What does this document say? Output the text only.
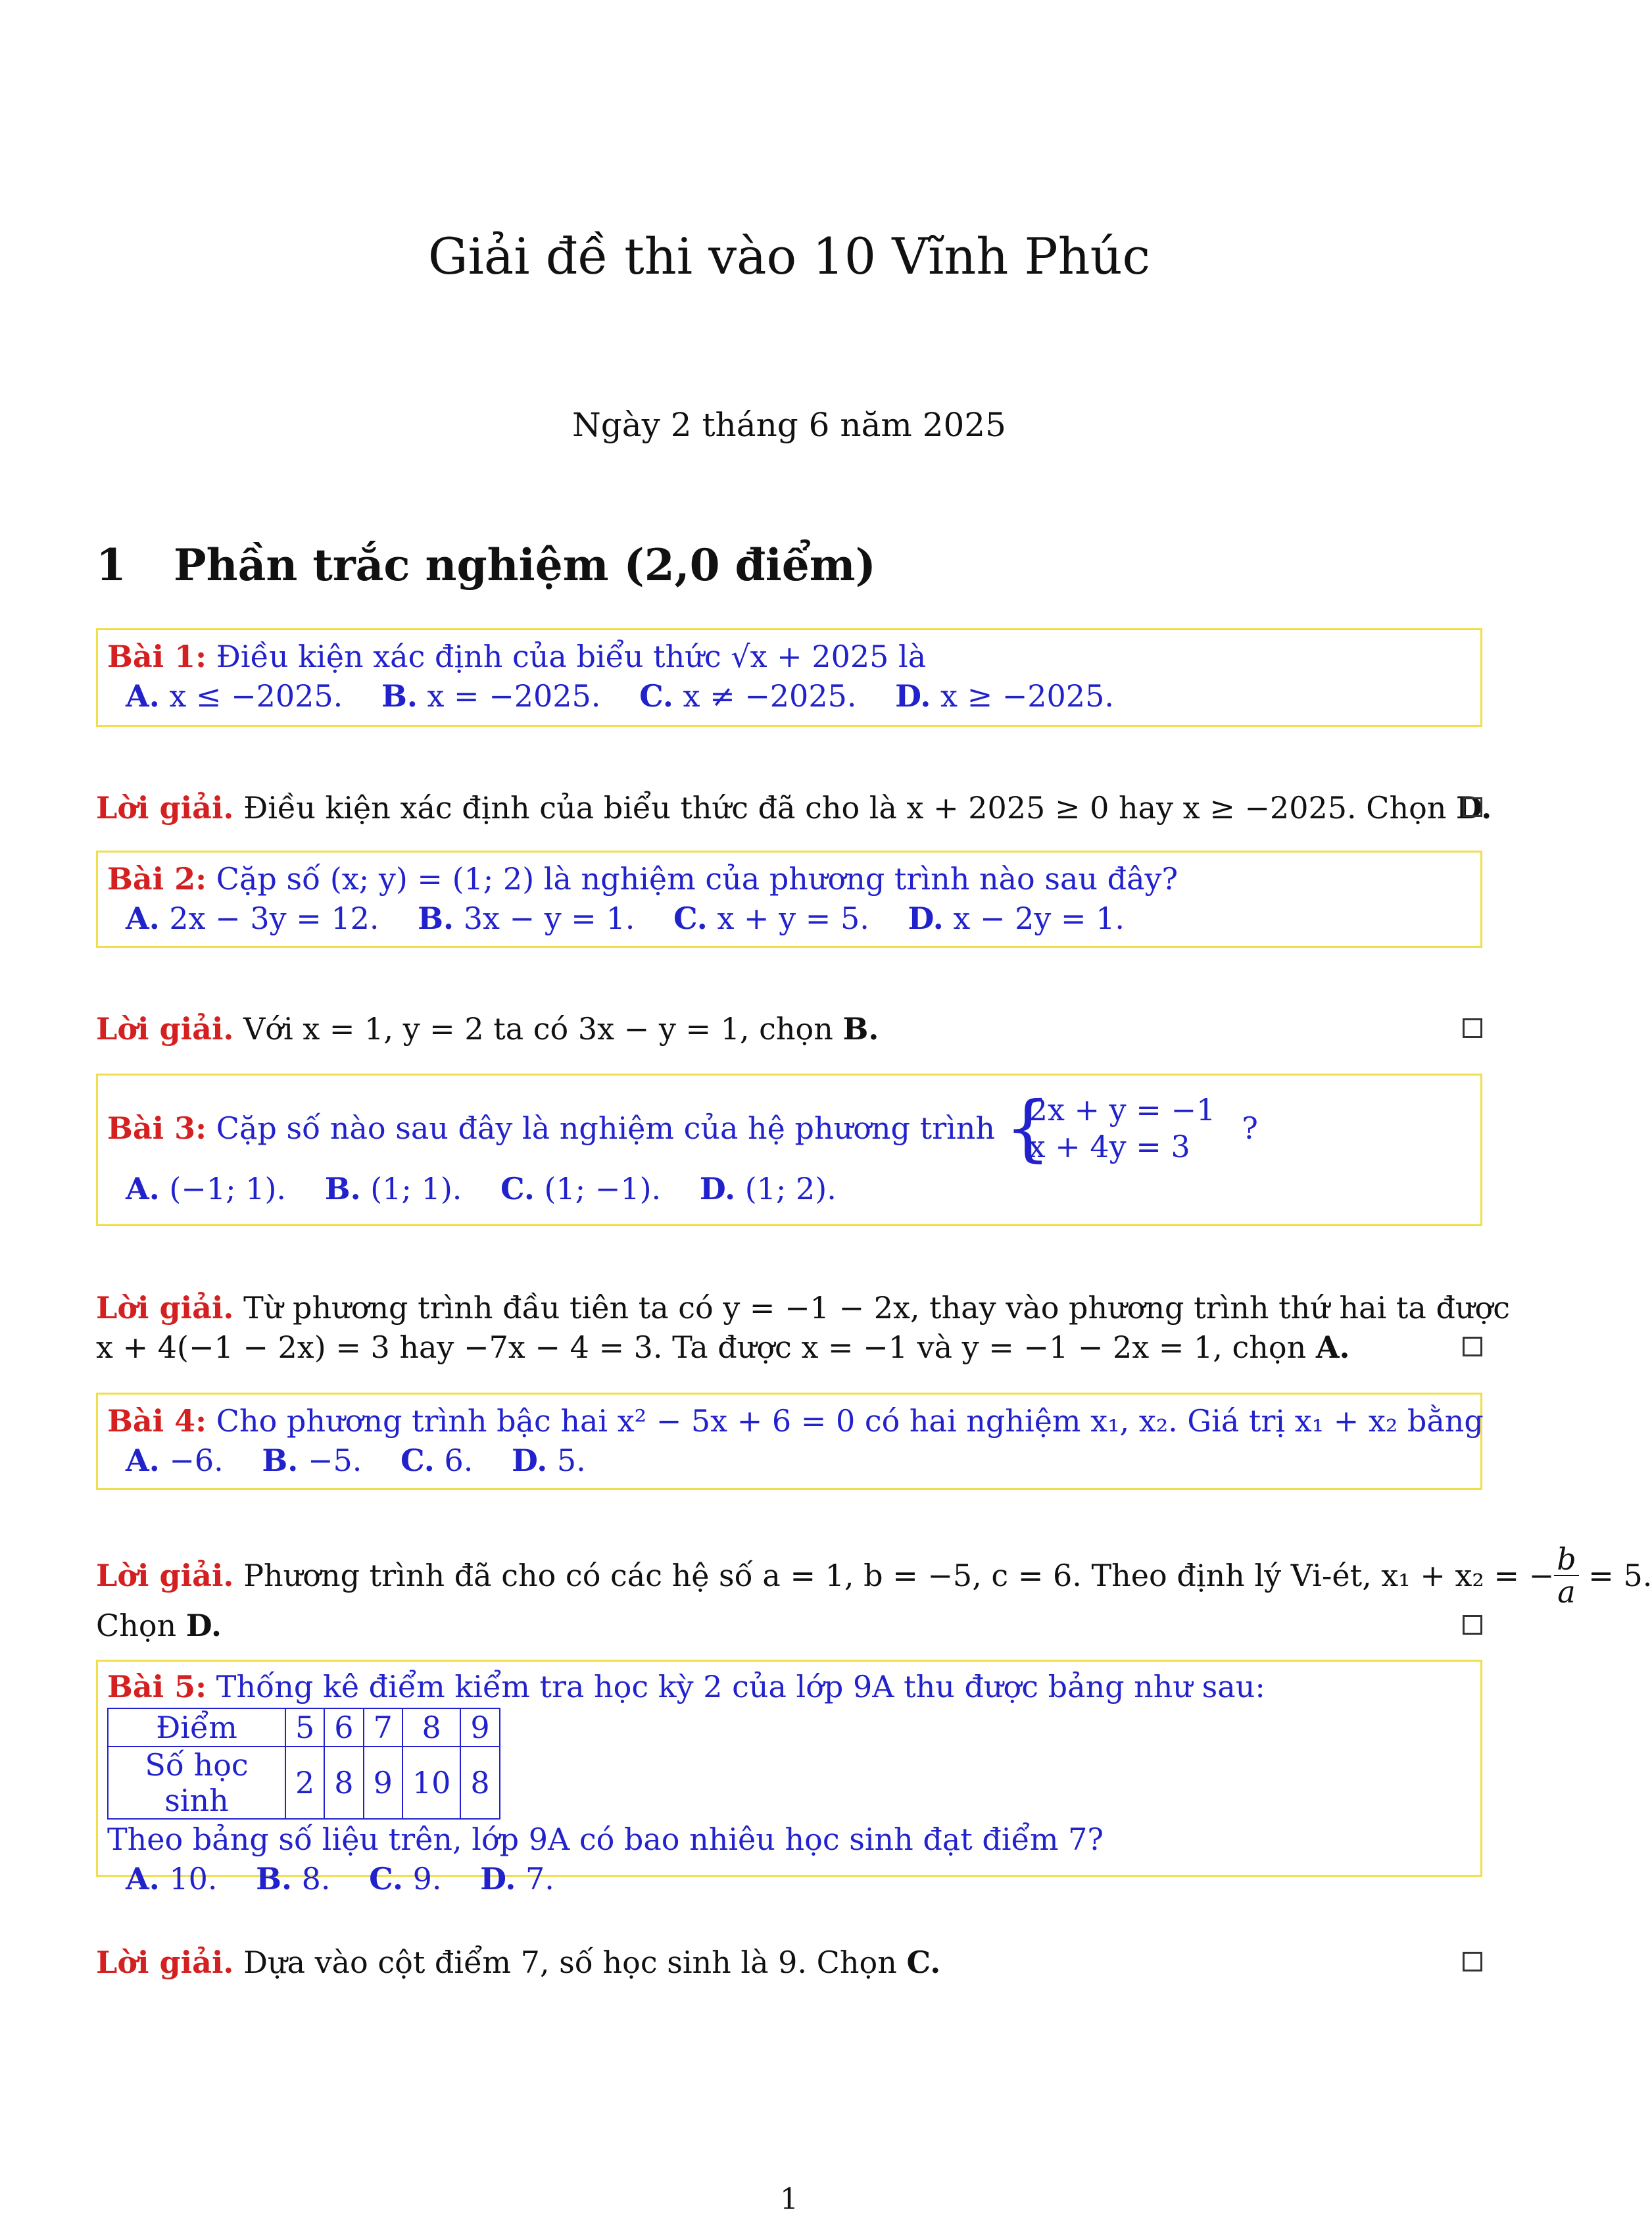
Giải đề thi vào 10 Vĩnh Phúc
Ngày 2 tháng 6 năm 2025
1 Phần trắc nghiệm (2,0 điểm)
Bài 1: Điều kiện xác định của biểu thức √x + 2025 là
A. x ≤ −2025. B. x = −2025. C. x ≠ −2025. D. x ≥ −2025.
Lời giải. Điều kiện xác định của biểu thức đã cho là x + 2025 ≥ 0 hay x ≥ −2025. Chọn D.
Bài 2: Cặp số (x; y) = (1; 2) là nghiệm của phương trình nào sau đây?
A. 2x − 3y = 12. B. 3x − y = 1. C. x + y = 5. D. x − 2y = 1.
Lời giải. Với x = 1, y = 2 ta có 3x − y = 1, chọn B.
Bài 3:
Cặp số nào sau đây là nghiệm của hệ phương trình
{
2x + y = −1
x + 4y = 3
?
A. (−1; 1). B. (1; 1). C. (1; −1). D. (1; 2).
Lời giải. Từ phương trình đầu tiên ta có y = −1 − 2x, thay vào phương trình thứ hai ta được
x + 4(−1 − 2x) = 3 hay −7x − 4 = 3. Ta được x = −1 và y = −1 − 2x = 1, chọn A.
Bài 4: Cho phương trình bậc hai x² − 5x + 6 = 0 có hai nghiệm x₁, x₂. Giá trị x₁ + x₂ bằng
A. −6. B. −5. C. 6. D. 5.
Lời giải.
Phương trình đã cho có các hệ số a = 1, b = −5, c = 6. Theo định lý Vi-ét, x₁ + x₂ = − $\frac{b}{a}$
= 5.
Chọn D.
Bài 5: Thống kê điểm kiểm tra học kỳ 2 của lớp 9A thu được bảng như sau:
Điểm	5	6	7	8	9
Số học sinh	2	8	9	10	8
Theo bảng số liệu trên, lớp 9A có bao nhiêu học sinh đạt điểm 7?
A. 10. B. 8. C. 9. D. 7.
Lời giải. Dựa vào cột điểm 7, số học sinh là 9. Chọn C.
1
